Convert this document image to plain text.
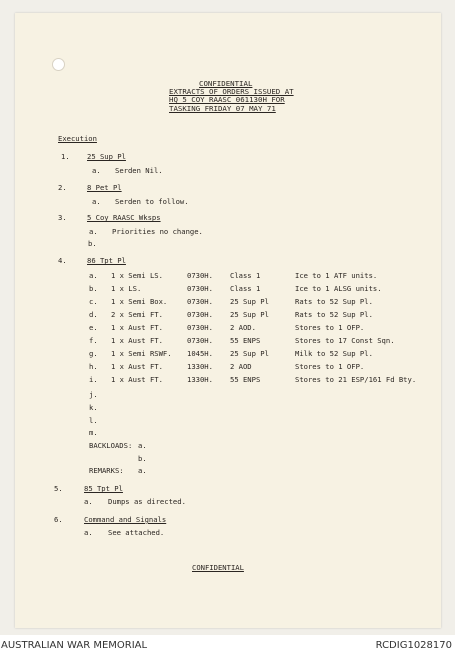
CONFIDENTIAL
EXTRACTS OF ORDERS ISSUED AT
HQ 5 COY RAASC 061130H FOR
TASKING FRIDAY 07 MAY 71
Execution
1. 25 Sup Pl
a. Serden Nil.
2.	8 Pet Pl
a. Serden to follow.
3.	5 Coy RAASC Wksps
a. Priorities no change.
b.
4.	86 Tpt Pl
a. 1 x Semi LS.	0730H. Class 1	Ice to 1 ATF units.
b. 1 x LS.	0730H. Class 1	Ice to 1 ALSG units.
c. 1 x Semi Box.	0730H. 25 Sup Pl	Rats to 52 Sup Pl.
d. 2 x Semi FT.	0730H. 25 Sup Pl	Rats to 52 Sup Pl.
e. 1 x Aust FT.	0730H. 2 AOD.	Stores to 1 OFP.
f. 1 x Aust FT.	0730H. 55 ENPS	Stores to 17 Const Sqn.
g. 1 x Semi RSWF. 1045H. 25 Sup Pl	Milk to 52 Sup Pl.
h. 1 x Aust FT.	1330H. 2 AOD	Stores to 1 OFP.
i. 1 x Aust FT.	1330H. 55 ENPS	Stores to 21 ESP/161 Fd Bty.
j.
k.
l.
m.
BACKLOADS: a.
b.
REMARKS: a.
5.	85 Tpt Pl
a. Dumps as directed.
6.	Command and Signals
a. See attached.
CONFIDENTIAL
AUSTRALIAN WAR MEMORIAL	RCDIG1028170
